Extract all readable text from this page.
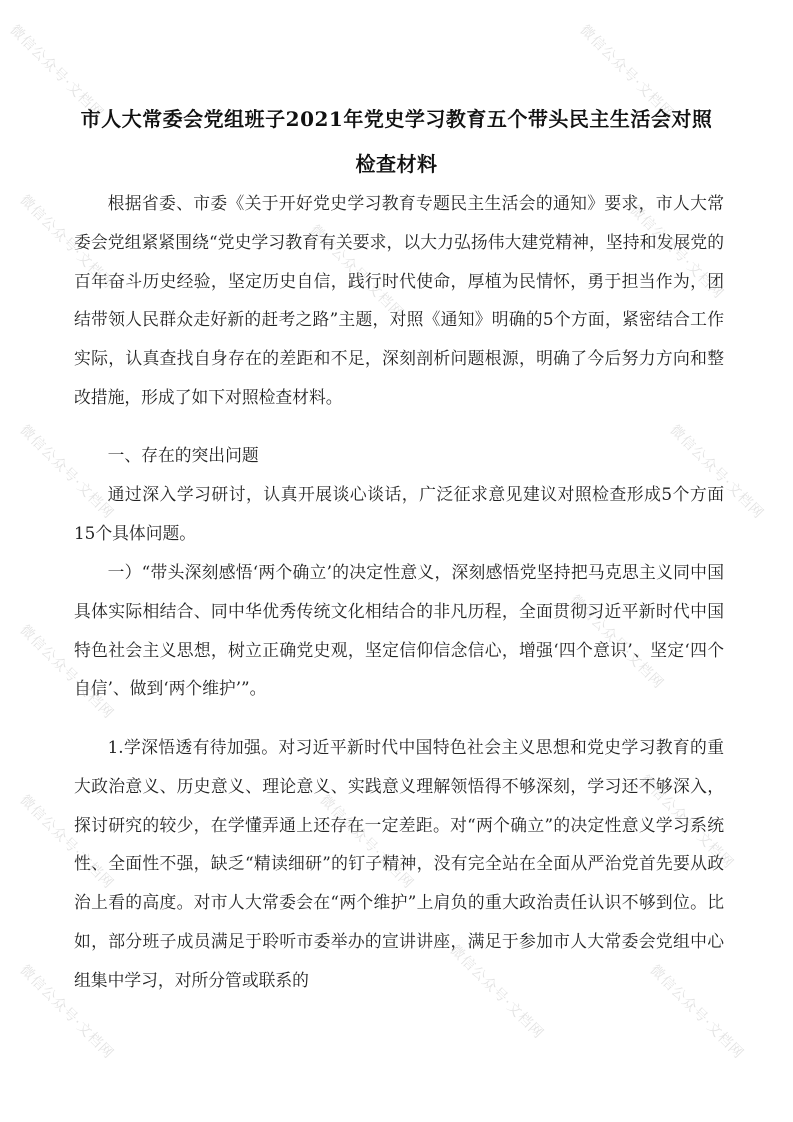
市人大常委会党组班子2021年党史学习教育五个带头民主生活会对照
检查材料
根据省委、市委《关于开好党史学习教育专题民主生活会的通知》要求，市人大常委会党组紧紧围绕“党史学习教育有关要求，以大力弘扬伟大建党精神，坚持和发展党的百年奋斗历史经验，坚定历史自信，践行时代使命，厚植为民情怀，勇于担当作为，团结带领人民群众走好新的赶考之路”主题，对照《通知》明确的5个方面，紧密结合工作实际，认真查找自身存在的差距和不足，深刻剖析问题根源，明确了今后努力方向和整改措施，形成了如下对照检查材料。
一、存在的突出问题
通过深入学习研讨，认真开展谈心谈话，广泛征求意见建议对照检查形成5个方面15个具体问题。
一）“带头深刻感悟‘两个确立’的决定性意义，深刻感悟党坚持把马克思主义同中国具体实际相结合、同中华优秀传统文化相结合的非凡历程，全面贯彻习近平新时代中国特色社会主义思想，树立正确党史观，坚定信仰信念信心，增强‘四个意识’、坚定‘四个自信’、做到‘两个维护’”。
1.学深悟透有待加强。对习近平新时代中国特色社会主义思想和党史学习教育的重大政治意义、历史意义、理论意义、实践意义理解领悟得不够深刻，学习还不够深入，探讨研究的较少，在学懂弄通上还存在一定差距。对“两个确立”的决定性意义学习系统性、全面性不强，缺乏“精读细研”的钉子精神，没有完全站在全面从严治党首先要从政治上看的高度。对市人大常委会在“两个维护”上肩负的重大政治责任认识不够到位。比如，部分班子成员满足于聆听市委举办的宣讲讲座，满足于参加市人大常委会党组中心组集中学习，对所分管或联系的
微信公众号·文档网	微信公众号·文档网
微信公众号·文档网	微信公众号·文档网	微信公众号·文档网
微信公众号·文档网	微信公众号·文档网
微信公众号·文档网	微信公众号·文档网
微信公众号·文档网	微信公众号·文档网	微信公众号·文档网
微信公众号·文档网	微信公众号·文档网	微信公众号·文档网
